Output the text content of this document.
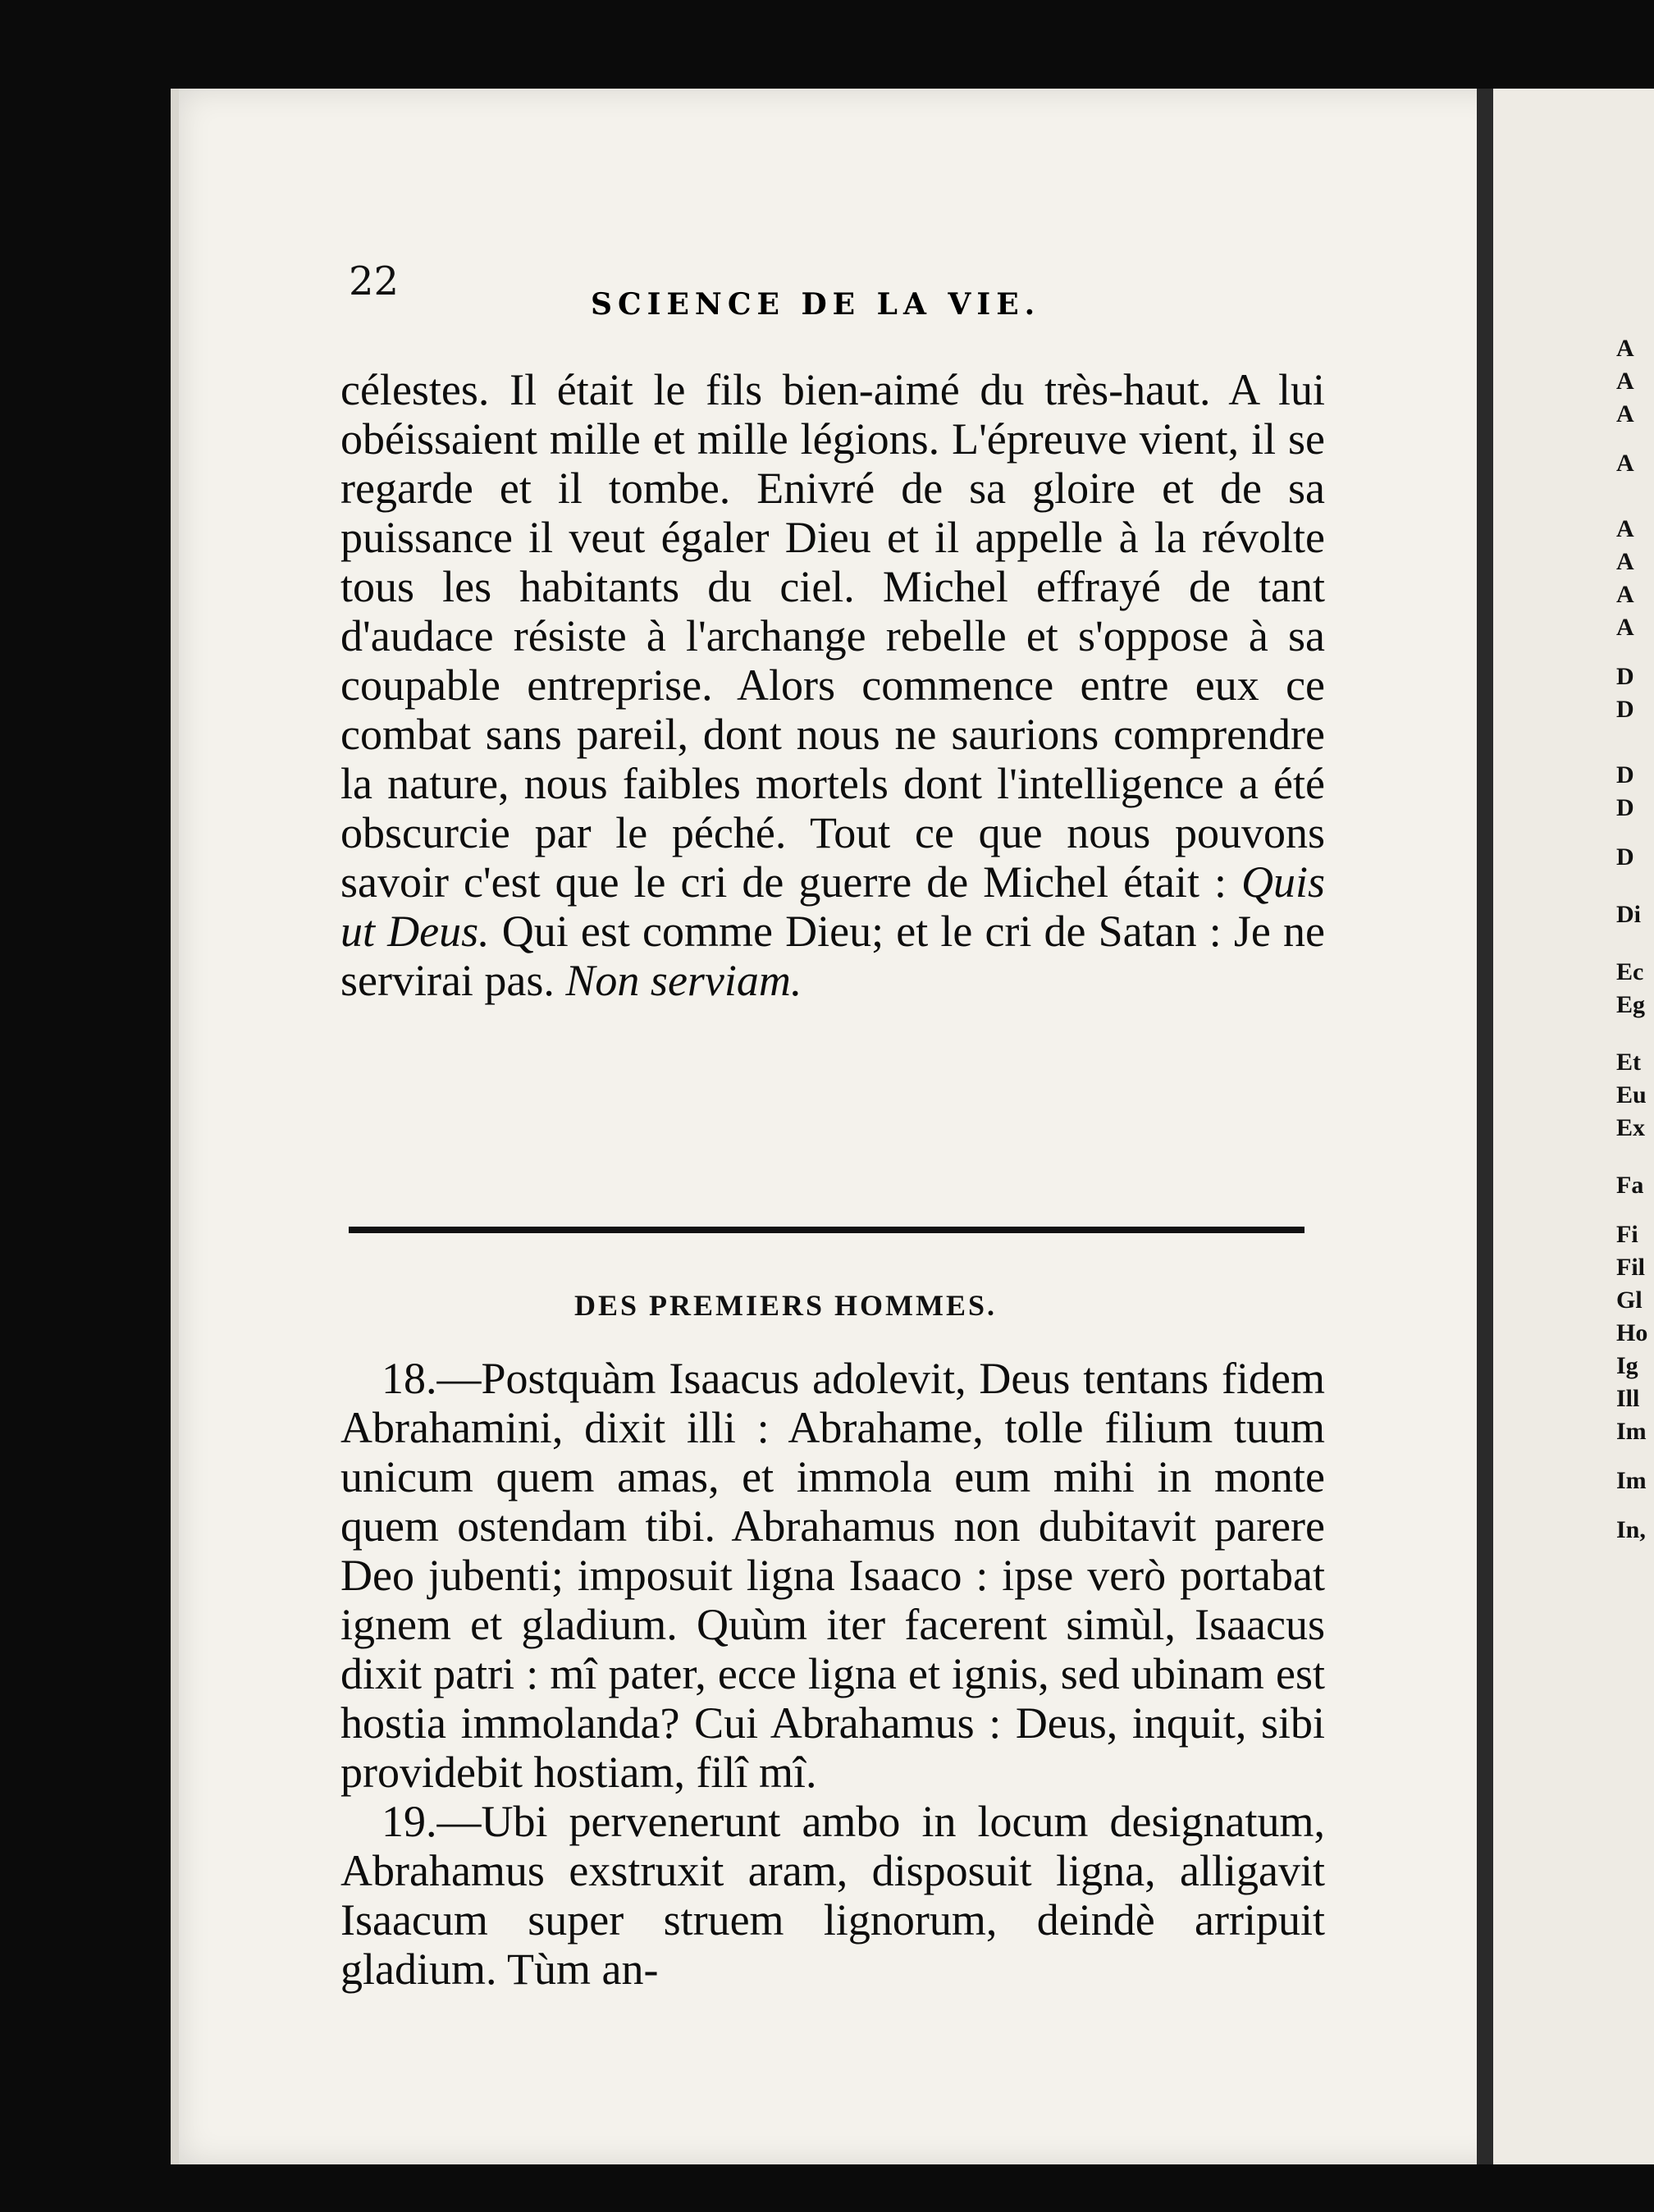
A
A
A
A
A
A
A
A
D
D
D
D
D
Di
Ec
Eg
Et
Eu
Ex
Fa
Fi
Fil
Gl
Ho
Ig
Ill
Im
Im
In,
22	SCIENCE DE LA VIE.

célestes. Il était le fils bien-aimé du très-haut. A lui obéissaient mille et mille légions. L'épreuve vient, il se regarde et il tombe. Enivré de sa gloire et de sa puissance il veut égaler Dieu et il appelle à la révolte tous les habitants du ciel. Michel effrayé de tant d'audace résiste à l'archange rebelle et s'oppose à sa coupable entreprise. Alors commence entre eux ce combat sans pareil, dont nous ne saurions comprendre la nature, nous faibles mortels dont l'intelligence a été obscurcie par le péché. Tout ce que nous pouvons savoir c'est que le cri de guerre de Michel était : Quis ut Deus. Qui est comme Dieu; et le cri de Satan : Je ne servirai pas. Non serviam.

DES PREMIERS HOMMES.

18.—Postquàm Isaacus adolevit, Deus tentans fidem Abrahamini, dixit illi : Abrahame, tolle filium tuum unicum quem amas, et immola eum mihi in monte quem ostendam tibi. Abrahamus non dubitavit parere Deo jubenti; imposuit ligna Isaaco : ipse verò portabat ignem et gladium. Quùm iter facerent simùl, Isaacus dixit patri : mî pater, ecce ligna et ignis, sed ubinam est hostia immolanda? Cui Abrahamus : Deus, inquit, sibi providebit hostiam, filî mî.

19.—Ubi pervenerunt ambo in locum designatum, Abrahamus exstruxit aram, disposuit ligna, alligavit Isaacum super struem lignorum, deindè arripuit gladium. Tùm an-
